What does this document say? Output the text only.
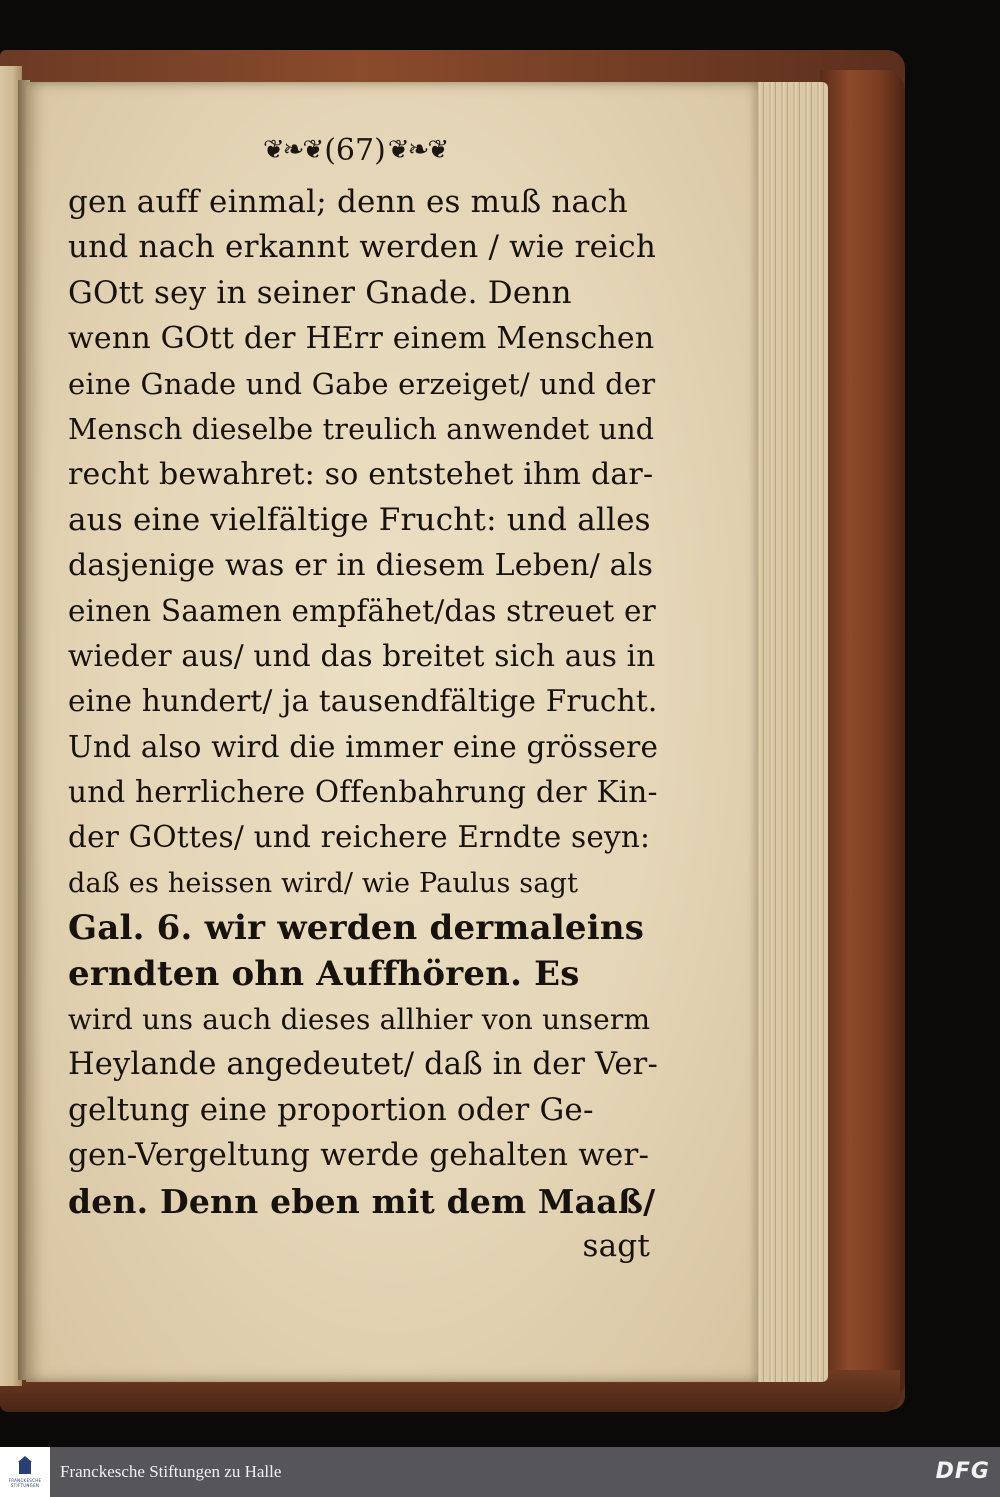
❦❧❦ (67) ❦❧❦
gen auff einmal; denn es muß nach
und nach erkannt werden / wie reich
GOtt sey in seiner Gnade. Denn
wenn GOtt der HErr einem Menschen
eine Gnade und Gabe erzeiget/ und der
Mensch dieselbe treulich anwendet und
recht bewahret: so entstehet ihm dar-
aus eine vielfältige Frucht: und alles
dasjenige was er in diesem Leben/ als
einen Saamen empfähet/das streuet er
wieder aus/ und das breitet sich aus in
eine hundert/ ja tausendfältige Frucht.
Und also wird die immer eine grössere
und herrlichere Offenbahrung der Kin-
der GOttes/ und reichere Erndte seyn:
daß es heissen wird/ wie Paulus sagt
Gal. 6. wir werden dermaleins
erndten ohn Auffhören. Es
wird uns auch dieses allhier von unserm
Heylande angedeutet/ daß in der Ver-
geltung eine proportion oder Ge-
gen-Vergeltung werde gehalten wer-
den. Denn eben mit dem Maaß/
sagt
FRANCKESCHE STIFTUNGEN
Franckesche Stiftungen zu Halle	DFG
